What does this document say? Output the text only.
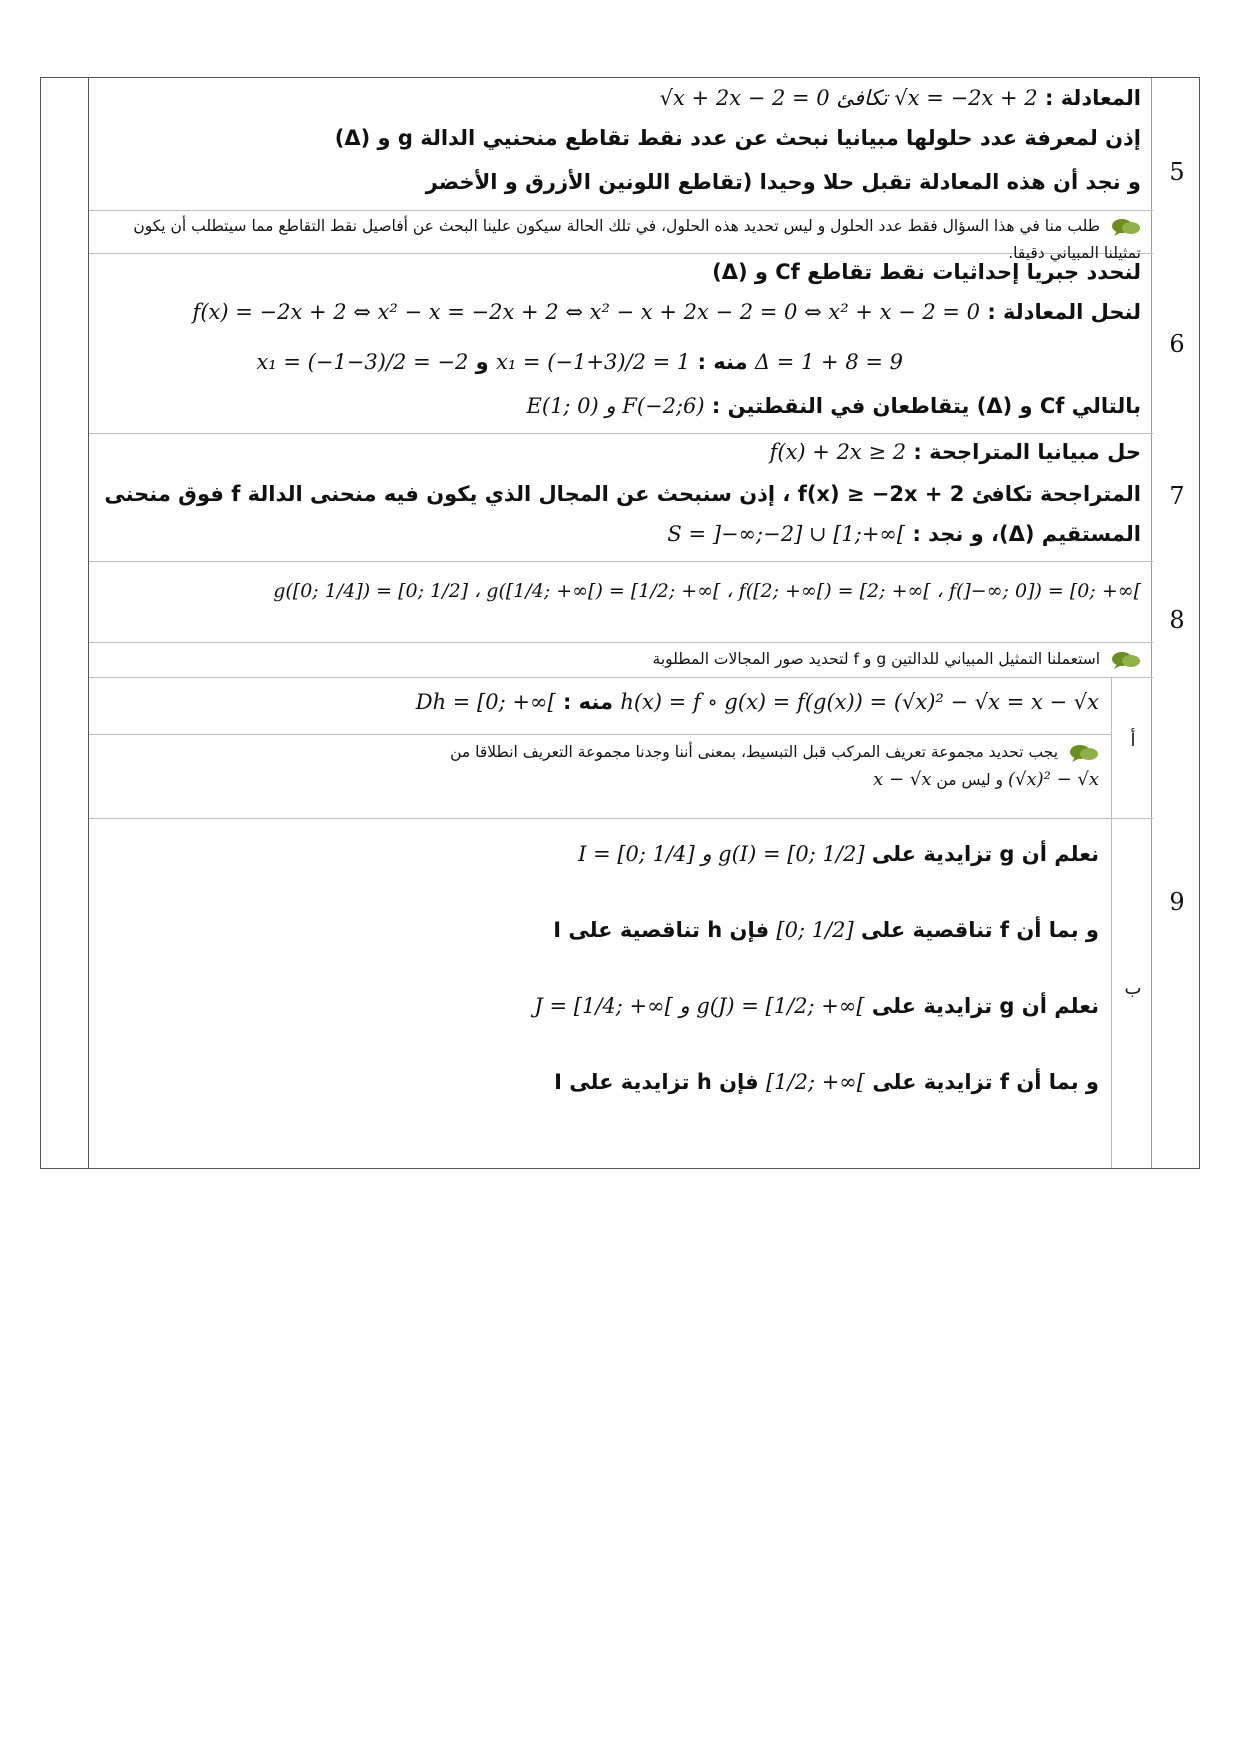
5
المعادلة : √x + 2x − 2 = 0 تكافئ √x = −2x + 2
إذن لمعرفة عدد حلولها مبيانيا نبحث عن عدد نقط تقاطع منحنيي الدالة g و (Δ)
و نجد أن هذه المعادلة تقبل حلا وحيدا (تقاطع اللونين الأزرق و الأخضر
طلب منا في هذا السؤال فقط عدد الحلول و ليس تحديد هذه الحلول، في تلك الحالة سيكون علينا البحث عن أفاصيل نقط التقاطع مما سيتطلب أن يكون تمثيلنا المبياني دقيقا.
6
لنحدد جبريا إحداثيات نقط تقاطع Cf و (Δ)
لنحل المعادلة : f(x) = −2x + 2 ⇔ x² − x = −2x + 2 ⇔ x² − x + 2x − 2 = 0 ⇔ x² + x − 2 = 0
Δ = 1 + 8 = 9 منه : x₁ = (−1+3)/2 = 1 و x₁ = (−1−3)/2 = −2
بالتالي Cf و (Δ) يتقاطعان في النقطتين : E(1; 0) و F(−2;6)
7
حل مبيانيا المتراجحة : f(x) + 2x ≥ 2
المتراجحة تكافئ f(x) ≥ −2x + 2 ، إذن سنبحث عن المجال الذي يكون فيه منحنى الدالة f فوق منحنى
المستقيم (Δ)، و نجد : S = ]−∞;−2] ∪ [1;+∞[
8
g([0; 1/4]) = [0; 1/2] ، g([1/4; +∞[) = [1/2; +∞[ ، f([2; +∞[) = [2; +∞[ ، f(]−∞; 0]) = [0; +∞[
استعملنا التمثيل المبياني للدالتين g و f لتحديد صور المجالات المطلوبة
9
أ
h(x) = f ∘ g(x) = f(g(x)) = (√x)² − √x = x − √x منه : Dh = [0; +∞[
يجب تحديد مجموعة تعريف المركب قبل التبسيط، بمعنى أننا وجدنا مجموعة التعريف انطلاقا من
(√x)² − √x و ليس من x − √x
ب
نعلم أن g تزايدية على I = [0; 1/4] و g(I) = [0; 1/2]
و بما أن f تناقصية على [0; 1/2] فإن h تناقصية على I
نعلم أن g تزايدية على J = [1/4; +∞[ و g(J) = [1/2; +∞[
و بما أن f تزايدية على [1/2; +∞[ فإن h تزايدية على I
